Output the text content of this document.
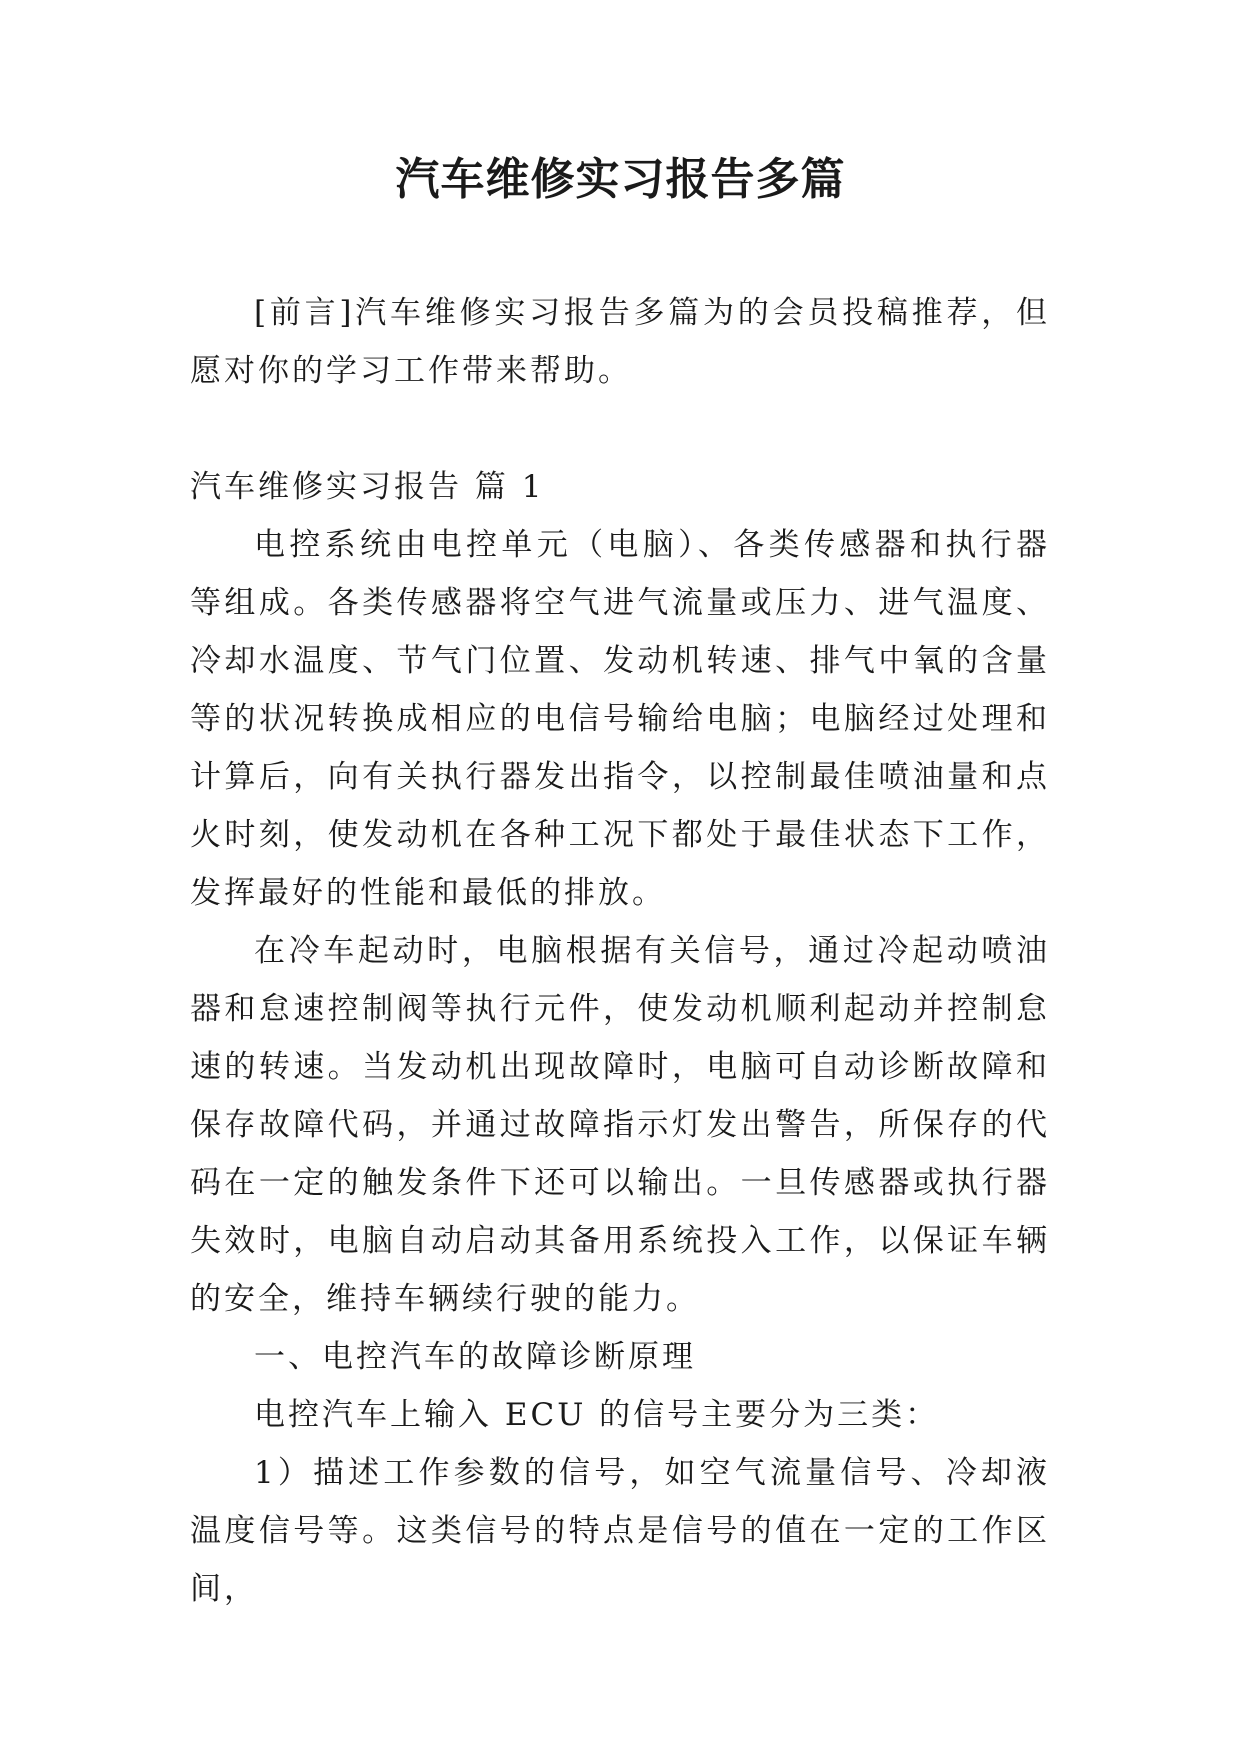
汽车维修实习报告多篇

[前言]汽车维修实习报告多篇为的会员投稿推荐，但愿对你的学习工作带来帮助。

汽车维修实习报告 篇 1

电控系统由电控单元（电脑）、各类传感器和执行器等组成。各类传感器将空气进气流量或压力、进气温度、冷却水温度、节气门位置、发动机转速、排气中氧的含量等的状况转换成相应的电信号输给电脑；电脑经过处理和计算后，向有关执行器发出指令，以控制最佳喷油量和点火时刻，使发动机在各种工况下都处于最佳状态下工作，发挥最好的性能和最低的排放。

在冷车起动时，电脑根据有关信号，通过冷起动喷油器和怠速控制阀等执行元件，使发动机顺利起动并控制怠速的转速。当发动机出现故障时，电脑可自动诊断故障和保存故障代码，并通过故障指示灯发出警告，所保存的代码在一定的触发条件下还可以输出。一旦传感器或执行器失效时，电脑自动启动其备用系统投入工作，以保证车辆的安全，维持车辆续行驶的能力。

一、电控汽车的故障诊断原理

电控汽车上输入 ECU 的信号主要分为三类：

1）描述工作参数的信号，如空气流量信号、冷却液温度信号等。这类信号的特点是信号的值在一定的工作区间，
